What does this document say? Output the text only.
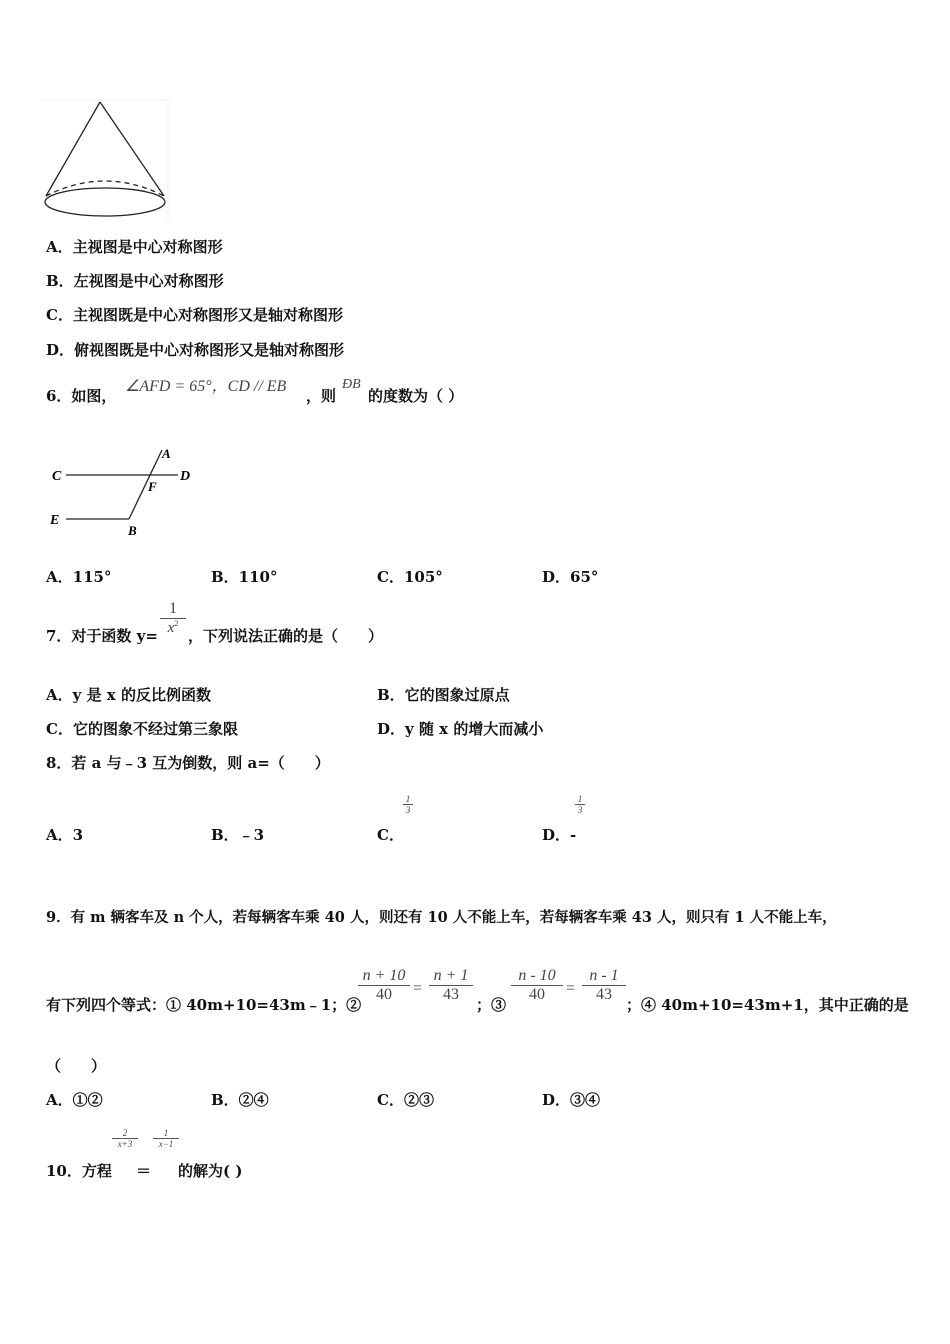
A．主视图是中心对称图形
B．左视图是中心对称图形
C．主视图既是中心对称图形又是轴对称图形
D．俯视图既是中心对称图形又是轴对称图形
6．如图，
∠AFD = 65°，CD // EB
，则
ÐB
的度数为（ ）
A
C	D
F
E
B
A．115°	B．110°	C．105°	D．65°
7．对于函数 y=
1
$x^2$
，下列说法正确的是（　　）
A．y 是 x 的反比例函数	B．它的图象过原点
C．它的图象不经过第三象限	D．y 随 x 的增大而减小
8．若 a 与﹣3 互为倒数，则 a=（　　）
A．3	B．﹣3	C．
1
3
D．-
1
3
9．有 m 辆客车及 n 个人，若每辆客车乘 40 人，则还有 10 人不能上车，若每辆客车乘 43 人，则只有 1 人不能上车，
有下列四个等式：① 40m+10=43m﹣1；②
n + 10
40	=
n + 1
43
；③
n - 10
40	=
n - 1
43
；④ 40m+10=43m+1，其中正确的是
（　　）
A．①②	B．②④	C．②③	D．③④
10．方程
2
x+3
＝
1
x−1
的解为( )
